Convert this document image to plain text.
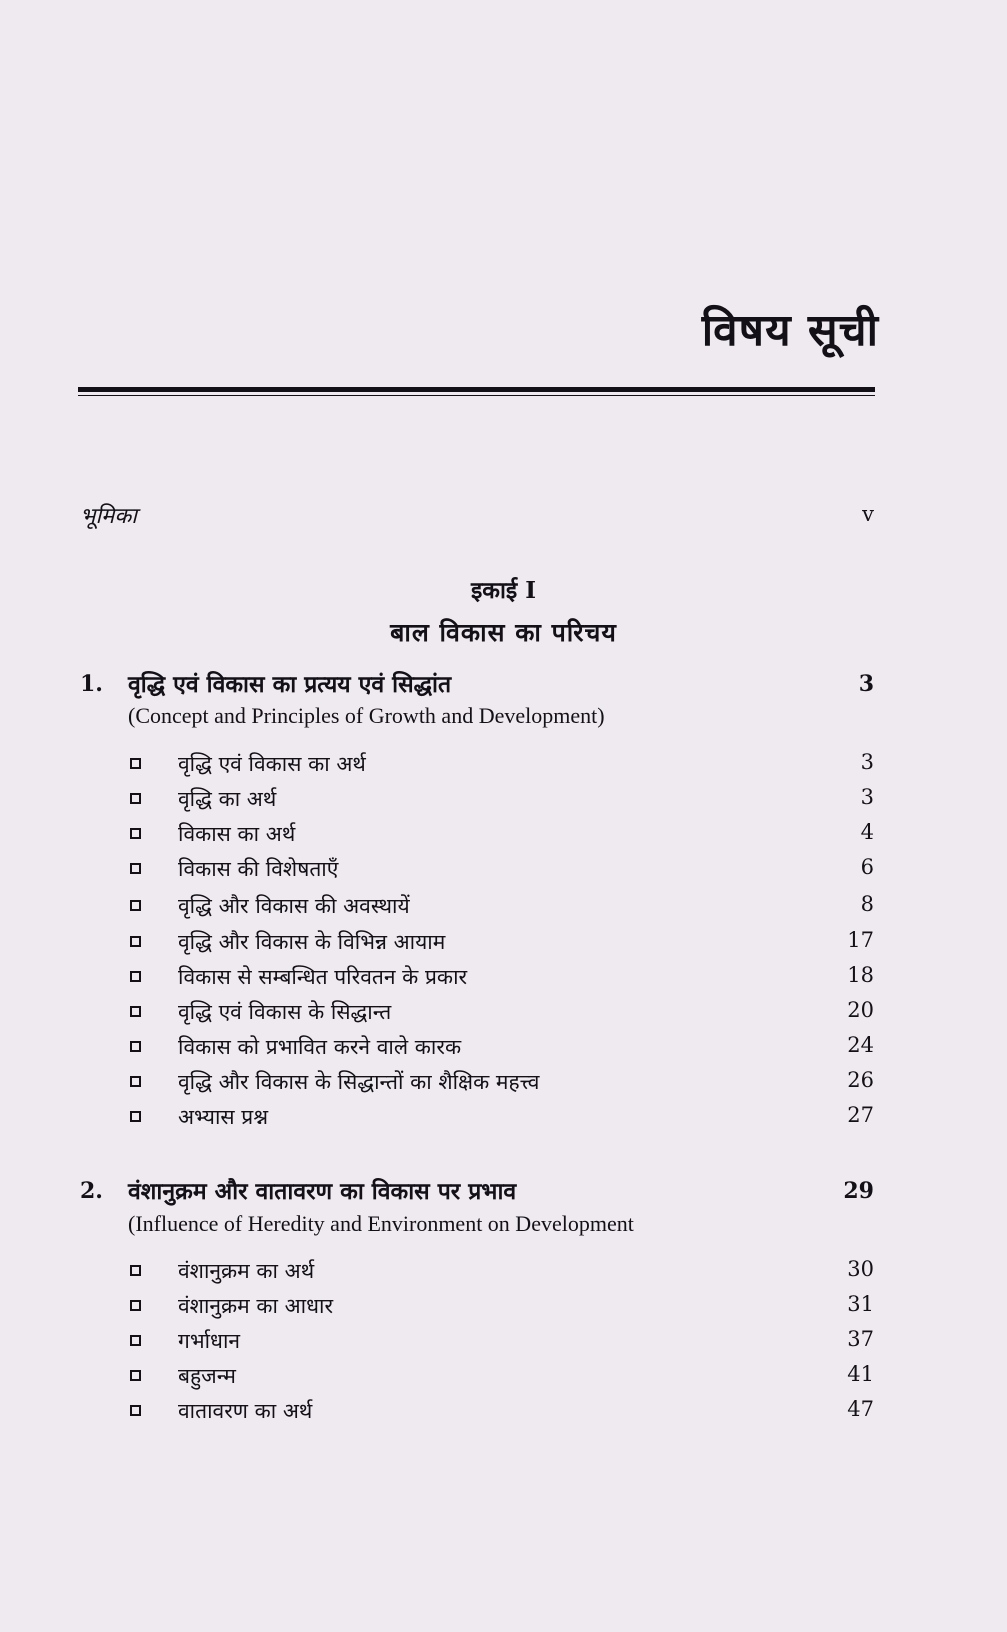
विषय सूची
भूमिका	v
इकाई I
बाल विकास का परिचय
1. वृद्धि एवं विकास का प्रत्यय एवं सिद्धांत	3
(Concept and Principles of Growth and Development)
वृद्धि एवं विकास का अर्थ	3
वृद्धि का अर्थ	3
विकास का अर्थ	4
विकास की विशेषताएँ	6
वृद्धि और विकास की अवस्थायें	8
वृद्धि और विकास के विभिन्न आयाम	17
विकास से सम्बन्धित परिवतन के प्रकार	18
वृद्धि एवं विकास के सिद्धान्त	20
विकास को प्रभावित करने वाले कारक	24
वृद्धि और विकास के सिद्धान्तों का शैक्षिक महत्त्व	26
अभ्यास प्रश्न	27
2. वंशानुक्रम और वातावरण का विकास पर प्रभाव	29
(Influence of Heredity and Environment on Development
वंशानुक्रम का अर्थ	30
वंशानुक्रम का आधार	31
गर्भाधान	37
बहुजन्म	41
वातावरण का अर्थ	47
